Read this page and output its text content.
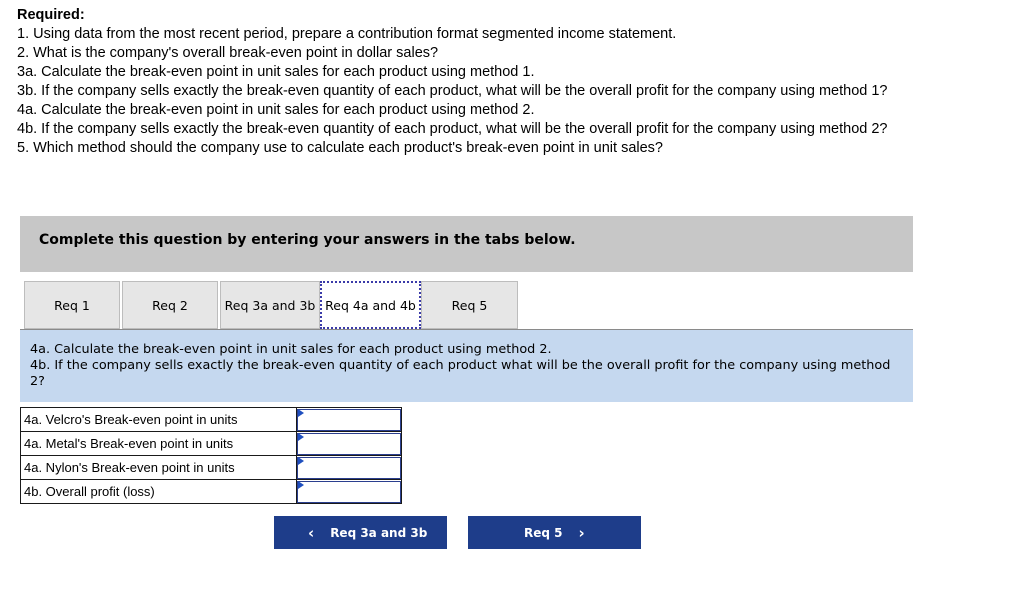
Required:
1. Using data from the most recent period, prepare a contribution format segmented income statement.
2. What is the company's overall break-even point in dollar sales?
3a. Calculate the break-even point in unit sales for each product using method 1.
3b. If the company sells exactly the break-even quantity of each product, what will be the overall profit for the company using method 1?
4a. Calculate the break-even point in unit sales for each product using method 2.
4b. If the company sells exactly the break-even quantity of each product, what will be the overall profit for the company using method 2?
5. Which method should the company use to calculate each product's break-even point in unit sales?
Complete this question by entering your answers in the tabs below.
Req 1	Req 2	Req 3a and 3b Req 4a and 4b	Req 5
4a. Calculate the break-even point in unit sales for each product using method 2.
4b. If the company sells exactly the break-even quantity of each product what will be the overall profit for the company using method 2?
4a. Velcro's Break-even point in units	

4a. Metal's Break-even point in units	

4a. Nylon's Break-even point in units	

4b. Overall profit (loss)	
‹ Req 3a and 3b	Req 5 ›
